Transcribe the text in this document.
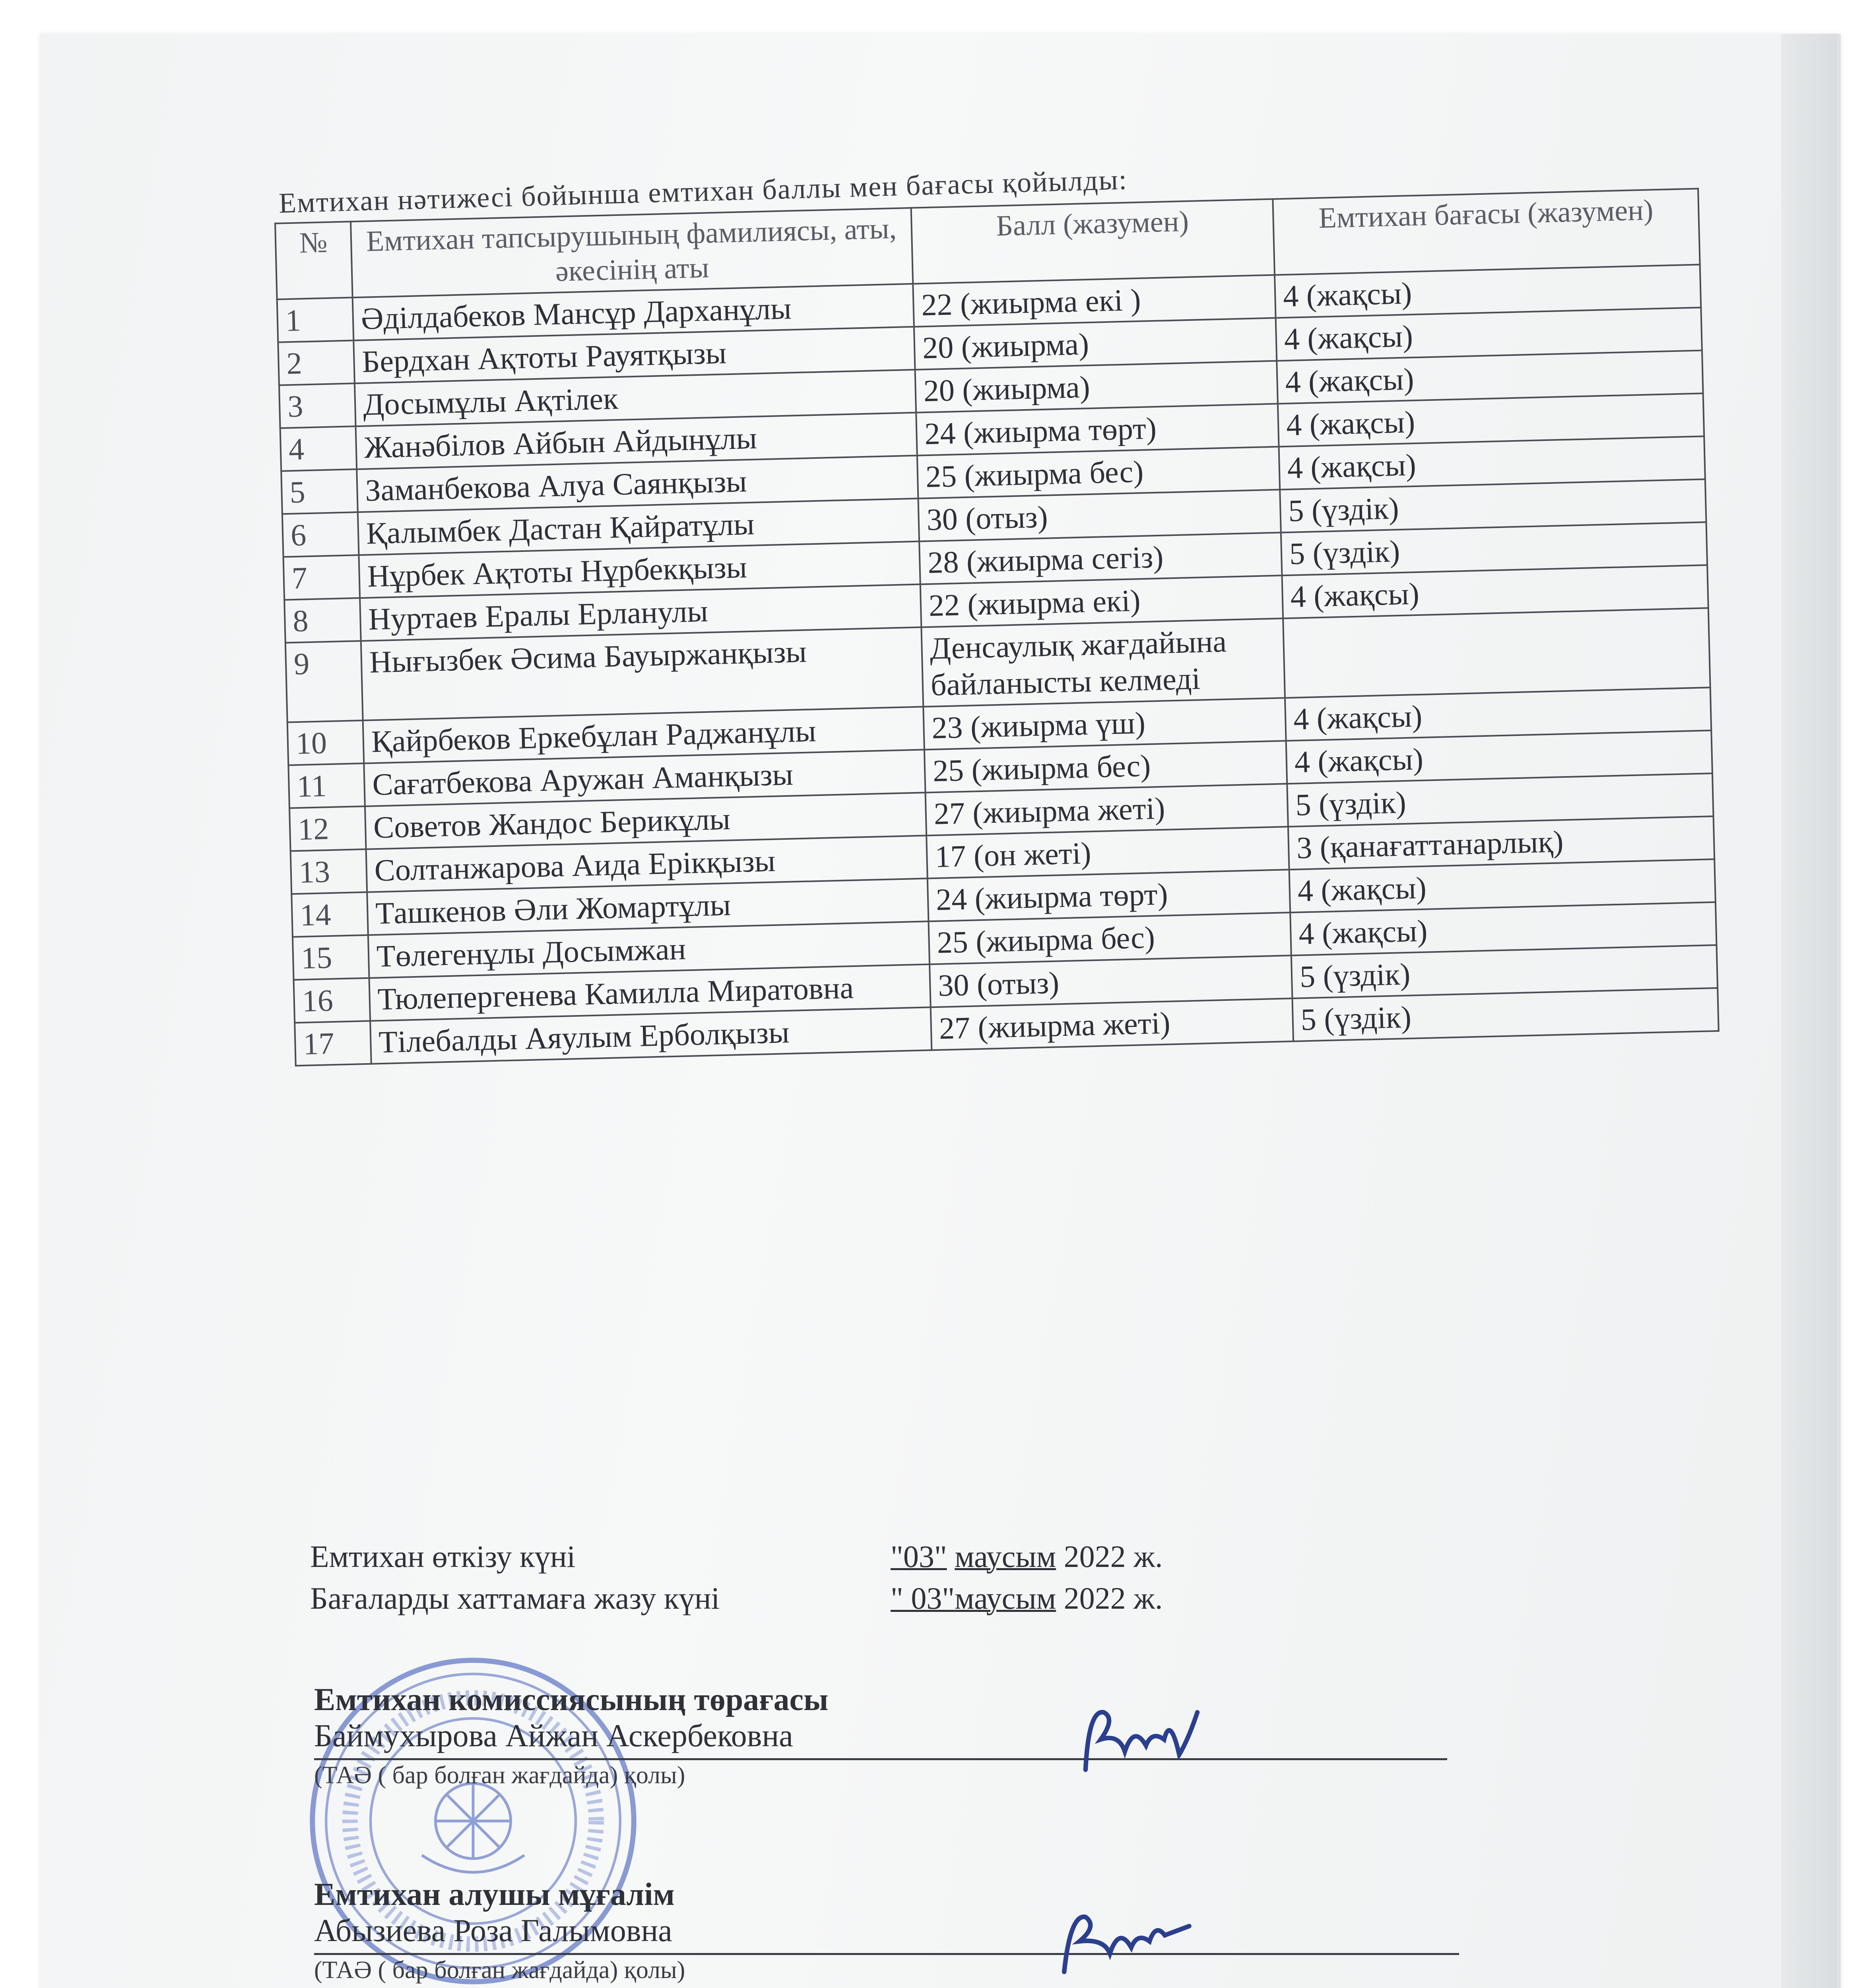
Емтихан нәтижесі бойынша емтихан баллы мен бағасы қойылды:
№	Емтихан тапсырушының фамилиясы, аты, әкесінің аты	Балл (жазумен)	Емтихан бағасы (жазумен)
1	Әділдабеков Мансұр Дарханұлы	22 (жиырма екі )	4 (жақсы)
2	Бердхан Ақтоты Рауятқызы	20 (жиырма)	4 (жақсы)
3	Досымұлы Ақтілек	20 (жиырма)	4 (жақсы)
4	Жанәбілов Айбын Айдынұлы	24 (жиырма төрт)	4 (жақсы)
5	Заманбекова Алуа Саянқызы	25 (жиырма бес)	4 (жақсы)
6	Қалымбек Дастан Қайратұлы	30 (отыз)	5 (үздік)
7	Нұрбек Ақтоты Нұрбекқызы	28 (жиырма сегіз)	5 (үздік)
8	Нуртаев Ералы Ерланулы	22 (жиырма екі)	4 (жақсы)
9	Нығызбек Әсима Бауыржанқызы	Денсаулық жағдайына байланысты келмеді	
10	Қайрбеков Еркебұлан Раджанұлы	23 (жиырма үш)	4 (жақсы)
11	Сағатбекова Аружан Аманқызы	25 (жиырма бес)	4 (жақсы)
12	Советов Жандос Берикұлы	27 (жиырма жеті)	5 (үздік)
13	Солтанжарова Аида Ерікқызы	17 (он жеті)	3 (қанағаттанарлық)
14	Ташкенов Әли Жомартұлы	24 (жиырма төрт)	4 (жақсы)
15	Төлегенұлы Досымжан	25 (жиырма бес)	4 (жақсы)
16	Тюлепергенева Камилла Миратовна	30 (отыз)	5 (үздік)
17	Тілебалды Аяулым Ерболқызы	27 (жиырма жеті)	5 (үздік)
Емтихан өткізу күні	"03" маусым 2022 ж.
Бағаларды хаттамаға жазу күні	" 03"маусым 2022 ж.
Емтихан комиссиясының төрағасы
Баймухырова Айжан Аскербековна
(ТАӘ ( бар болған жағдайда) қолы)
Емтихан алушы мұғалім
Абызиева Роза Галымовна
(ТАӘ ( бар болған жағдайда) қолы)
